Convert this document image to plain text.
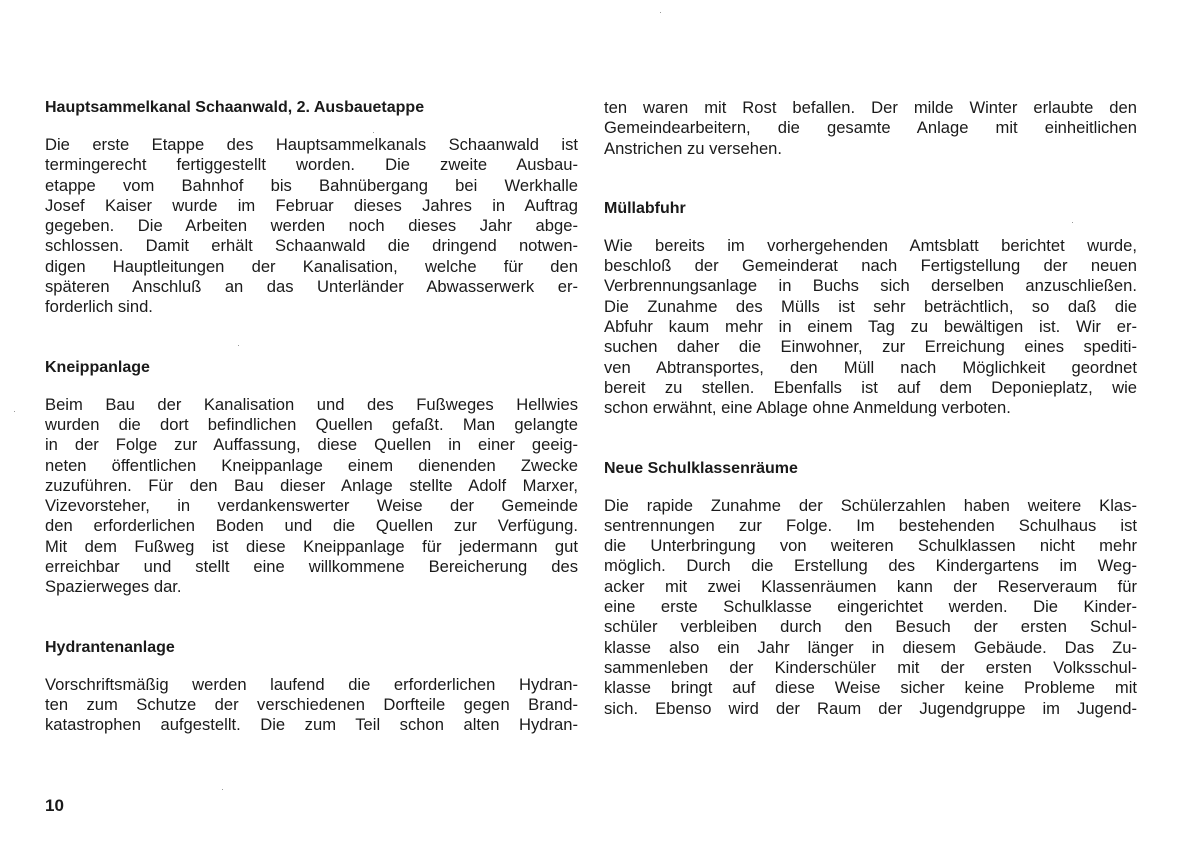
Hauptsammelkanal Schaanwald, 2. Ausbauetappe

Die erste Etappe des Hauptsammelkanals Schaanwald ist
termingerecht fertiggestellt worden. Die zweite Ausbau-
etappe vom Bahnhof bis Bahnübergang bei Werkhalle
Josef Kaiser wurde im Februar dieses Jahres in Auftrag
gegeben. Die Arbeiten werden noch dieses Jahr abge-
schlossen. Damit erhält Schaanwald die dringend notwen-
digen Hauptleitungen der Kanalisation, welche für den
späteren Anschluß an das Unterländer Abwasserwerk er-
forderlich sind.

Kneippanlage

Beim Bau der Kanalisation und des Fußweges Hellwies
wurden die dort befindlichen Quellen gefaßt. Man gelangte
in der Folge zur Auffassung, diese Quellen in einer geeig-
neten öffentlichen Kneippanlage einem dienenden Zwecke
zuzuführen. Für den Bau dieser Anlage stellte Adolf Marxer,
Vizevorsteher, in verdankenswerter Weise der Gemeinde
den erforderlichen Boden und die Quellen zur Verfügung.
Mit dem Fußweg ist diese Kneippanlage für jedermann gut
erreichbar und stellt eine willkommene Bereicherung des
Spazierweges dar.

Hydrantenanlage

Vorschriftsmäßig werden laufend die erforderlichen Hydran-
ten zum Schutze der verschiedenen Dorfteile gegen Brand-
katastrophen aufgestellt. Die zum Teil schon alten Hydran-

ten waren mit Rost befallen. Der milde Winter erlaubte den
Gemeindearbeitern, die gesamte Anlage mit einheitlichen
Anstrichen zu versehen.

Müllabfuhr

Wie bereits im vorhergehenden Amtsblatt berichtet wurde,
beschloß der Gemeinderat nach Fertigstellung der neuen
Verbrennungsanlage in Buchs sich derselben anzuschließen.
Die Zunahme des Mülls ist sehr beträchtlich, so daß die
Abfuhr kaum mehr in einem Tag zu bewältigen ist. Wir er-
suchen daher die Einwohner, zur Erreichung eines spediti-
ven Abtransportes, den Müll nach Möglichkeit geordnet
bereit zu stellen. Ebenfalls ist auf dem Deponieplatz, wie
schon erwähnt, eine Ablage ohne Anmeldung verboten.

Neue Schulklassenräume

Die rapide Zunahme der Schülerzahlen haben weitere Klas-
sentrennungen zur Folge. Im bestehenden Schulhaus ist
die Unterbringung von weiteren Schulklassen nicht mehr
möglich. Durch die Erstellung des Kindergartens im Weg-
acker mit zwei Klassenräumen kann der Reserveraum für
eine erste Schulklasse eingerichtet werden. Die Kinder-
schüler verbleiben durch den Besuch der ersten Schul-
klasse also ein Jahr länger in diesem Gebäude. Das Zu-
sammenleben der Kinderschüler mit der ersten Volksschul-
klasse bringt auf diese Weise sicher keine Probleme mit
sich. Ebenso wird der Raum der Jugendgruppe im Jugend-

10
